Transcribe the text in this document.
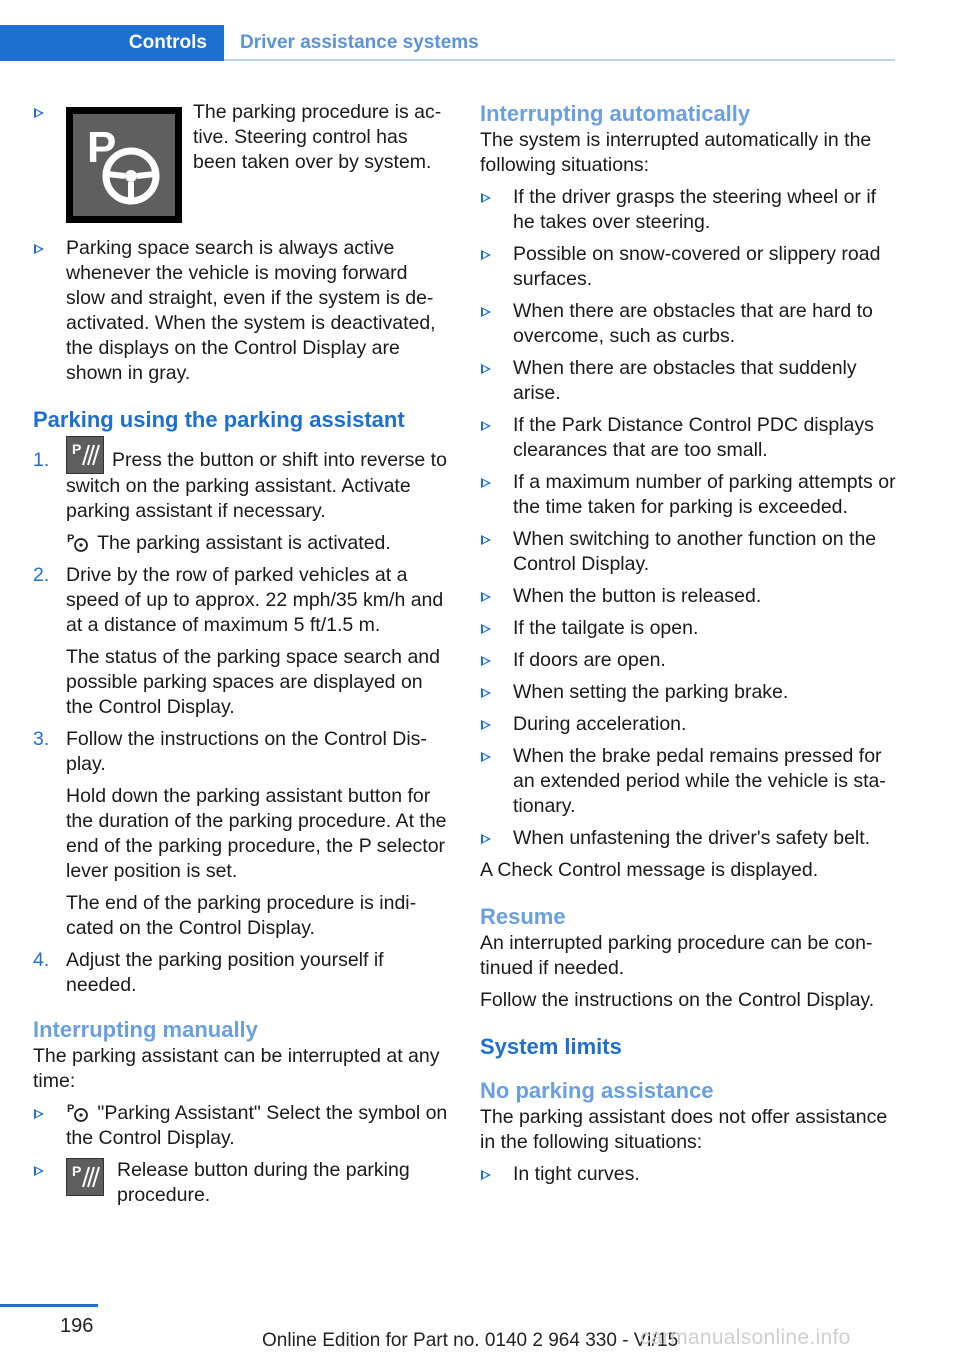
Controls	Driver assistance systems
P
The parking procedure is active. Steering control has been taken over by system.
Parking space search is always active whenever the vehicle is moving forward slow and straight, even if the system is deactivated. When the system is deactivated, the displays on the Control Display are shown in gray.
Parking using the parking assistant
1. P Press the button or shift into reverse to switch on the parking assistant. Activate parking assistant if necessary.

P The parking assistant is activated.

2. Drive by the row of parked vehicles at a speed of up to approx. 22 mph/35 km/h and at a distance of maximum 5 ft/1.5 m.

The status of the parking space search and possible parking spaces are displayed on the Control Display.

3. Follow the instructions on the Control Display.

Hold down the parking assistant button for the duration of the parking procedure. At the end of the parking procedure, the P selector lever position is set.

The end of the parking procedure is indicated on the Control Display.

4. Adjust the parking position yourself if needed.

Interrupting manually

The parking assistant can be interrupted at any time:

P "Parking Assistant" Select the symbol on the Control Display.
P Release button during the parking procedure.
Interrupting automatically

The system is interrupted automatically in the following situations:

If the driver grasps the steering wheel or if he takes over steering.
Possible on snow-covered or slippery road surfaces.
When there are obstacles that are hard to overcome, such as curbs.
When there are obstacles that suddenly arise.
If the Park Distance Control PDC displays clearances that are too small.
If a maximum number of parking attempts or the time taken for parking is exceeded.
When switching to another function on the Control Display.
When the button is released.
If the tailgate is open.
If doors are open.
When setting the parking brake.
During acceleration.
When the brake pedal remains pressed for an extended period while the vehicle is stationary.
When unfastening the driver's safety belt.

A Check Control message is displayed.

Resume

An interrupted parking procedure can be continued if needed.

Follow the instructions on the Control Display.

System limits
No parking assistance

The parking assistant does not offer assistance in the following situations:

In tight curves.
196
Online Edition for Part no. 0140 2 964 330 - VI/15
carmanualsonline.info
